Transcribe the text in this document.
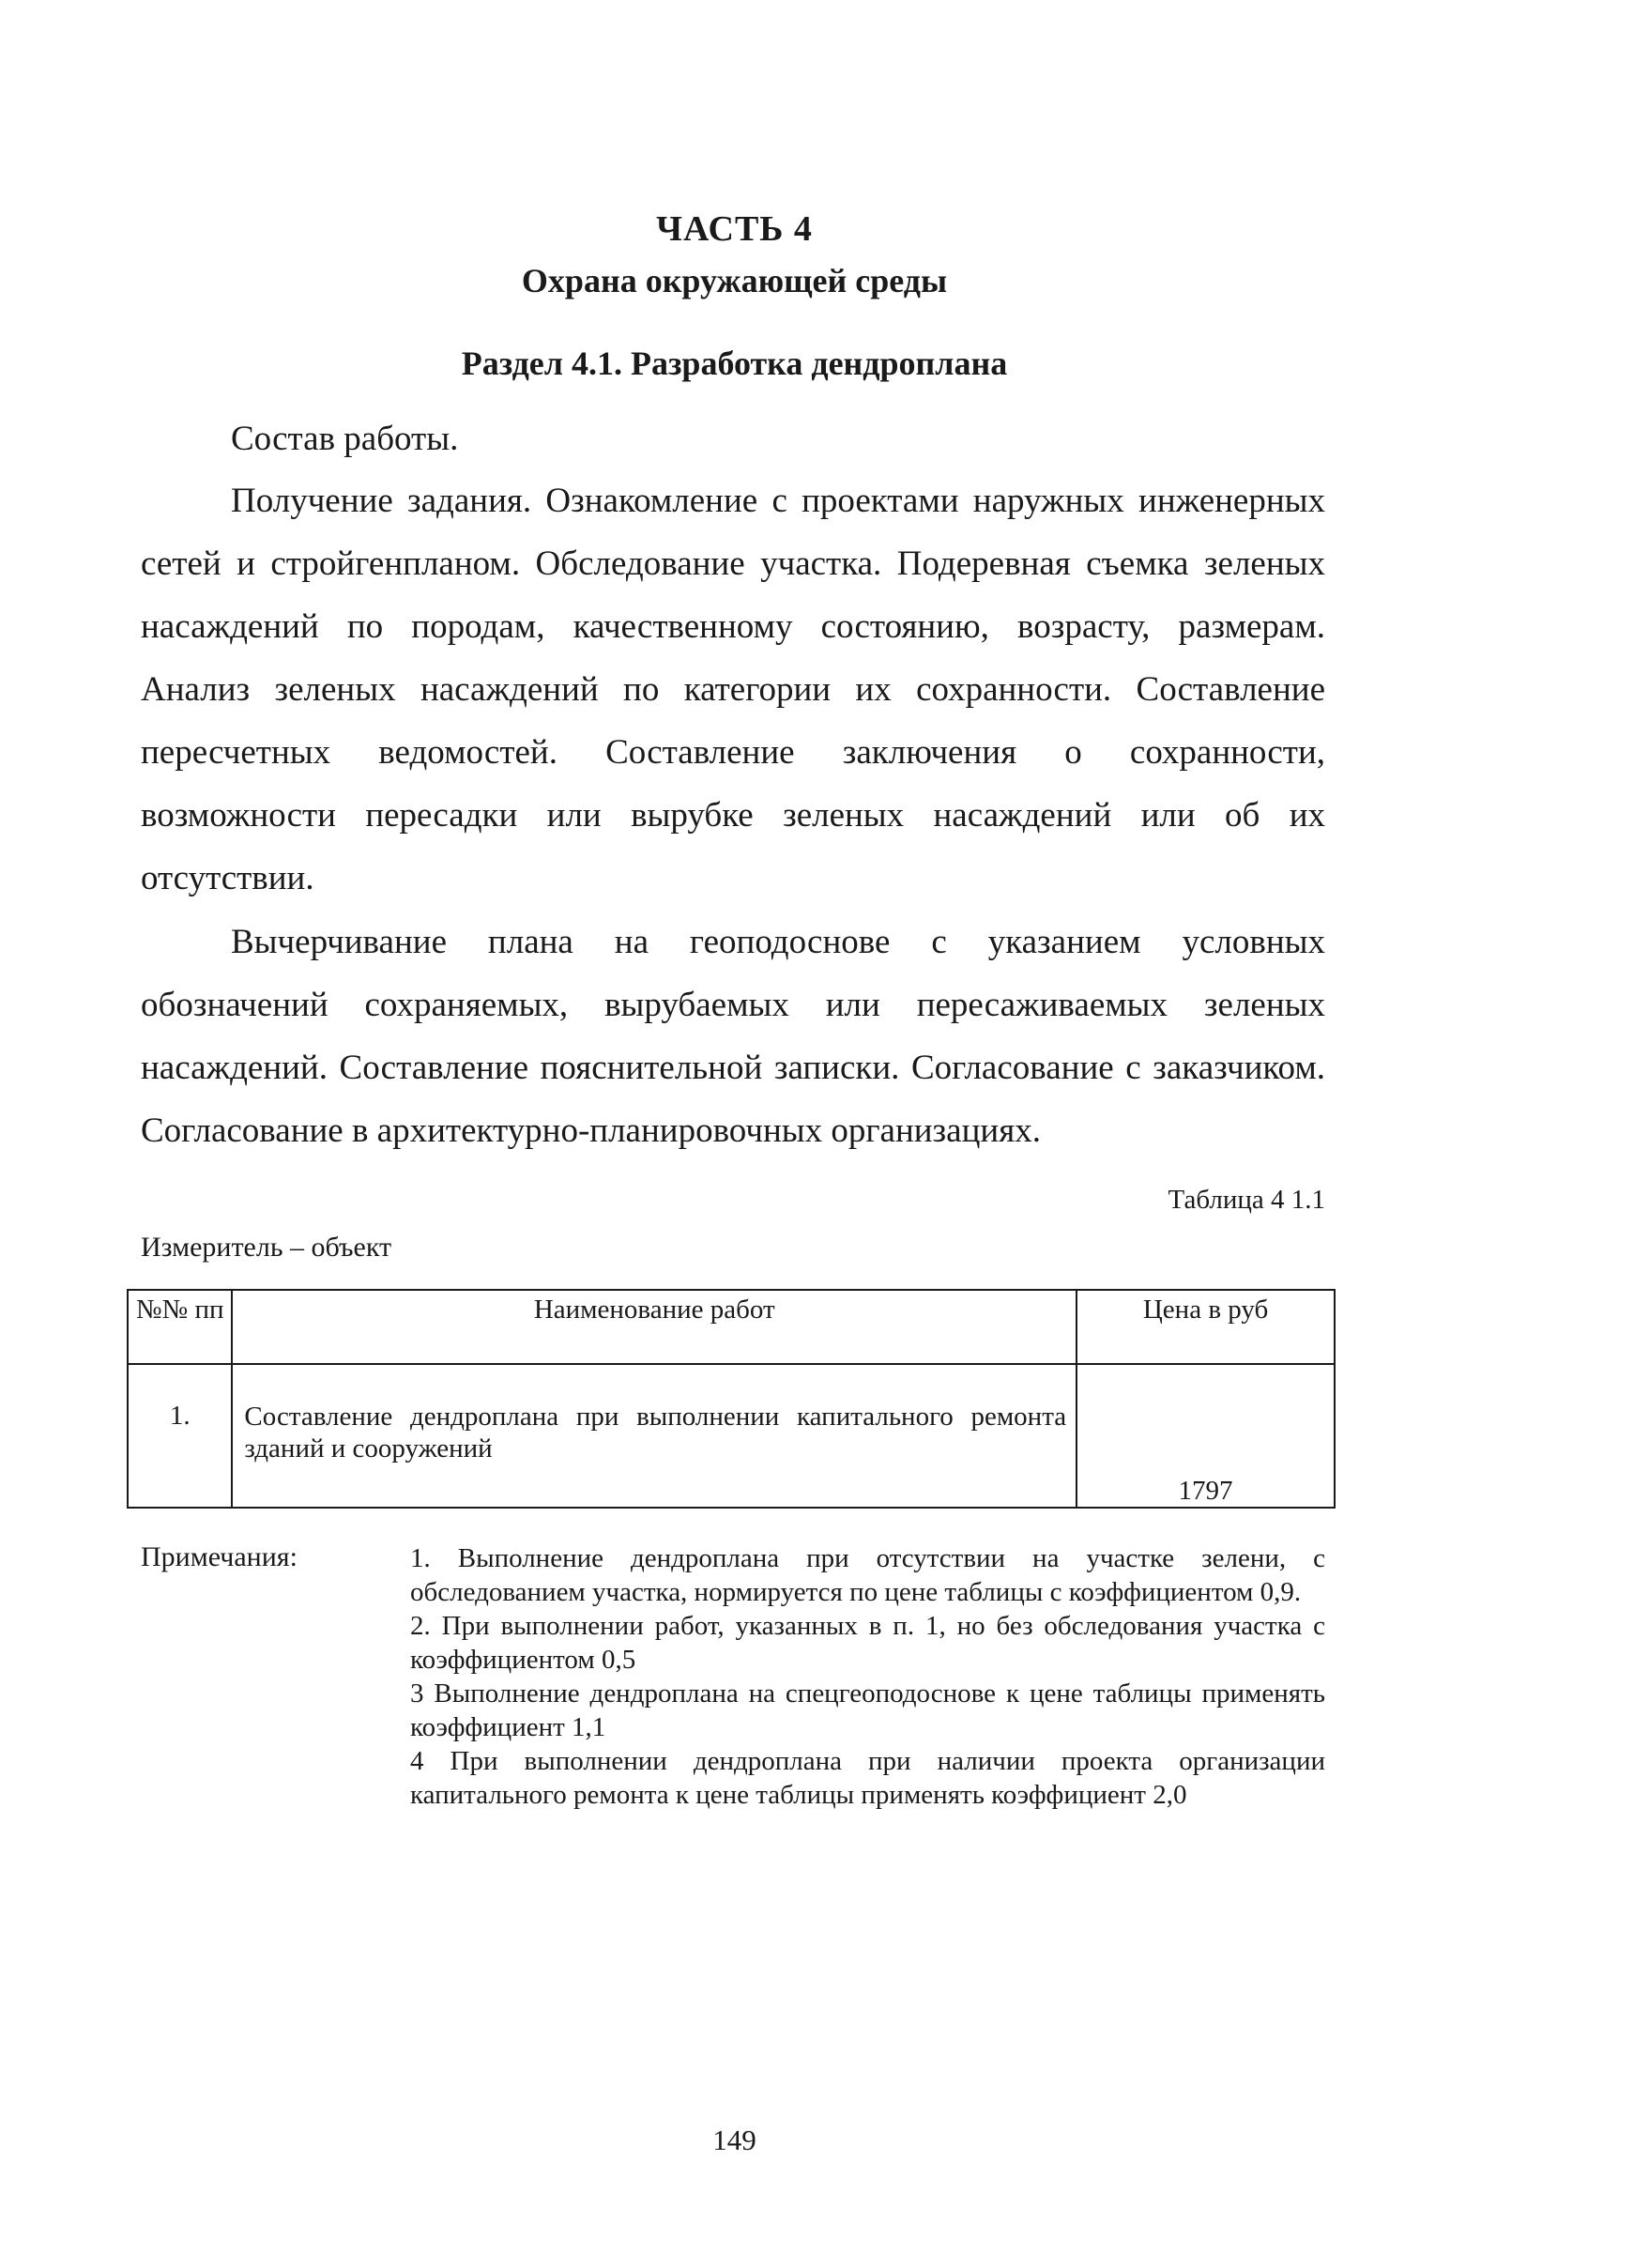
ЧАСТЬ 4
Охрана окружающей среды
Раздел 4.1. Разработка дендроплана
Состав работы.
Получение задания. Ознакомление с проектами наружных инженерных сетей и стройгенпланом. Обследование участка. Подеревная съемка зеленых насаждений по породам, качественному состоянию, возрасту, размерам. Анализ зеленых насаждений по категории их сохранности. Составление пересчетных ведомостей. Составление заключения о сохранности, возможности пересадки или вырубке зеленых насаждений или об их отсутствии.
Вычерчивание плана на геоподоснове с указанием условных обозначений сохраняемых, вырубаемых или пересаживаемых зеленых насаждений. Составление пояснительной записки. Согласование с заказчиком. Согласование в архитектурно-планировочных организациях.
Таблица 4 1.1
Измеритель – объект
№№ пп	Наименование работ	Цена в руб
1.	Составление дендроплана при выполнении капитального ремонта зданий и сооружений	1797
Примечания:	1. Выполнение дендроплана при отсутствии на участке зелени, с обследованием участка, нормируется по цене таблицы с коэффициентом 0,9.

2. При выполнении работ, указанных в п. 1, но без обследования участка с коэффициентом 0,5

3 Выполнение дендроплана на спецгеоподоснове к цене таблицы применять коэффициент 1,1

4 При выполнении дендроплана при наличии проекта организации капитального ремонта к цене таблицы применять коэффициент 2,0

149
